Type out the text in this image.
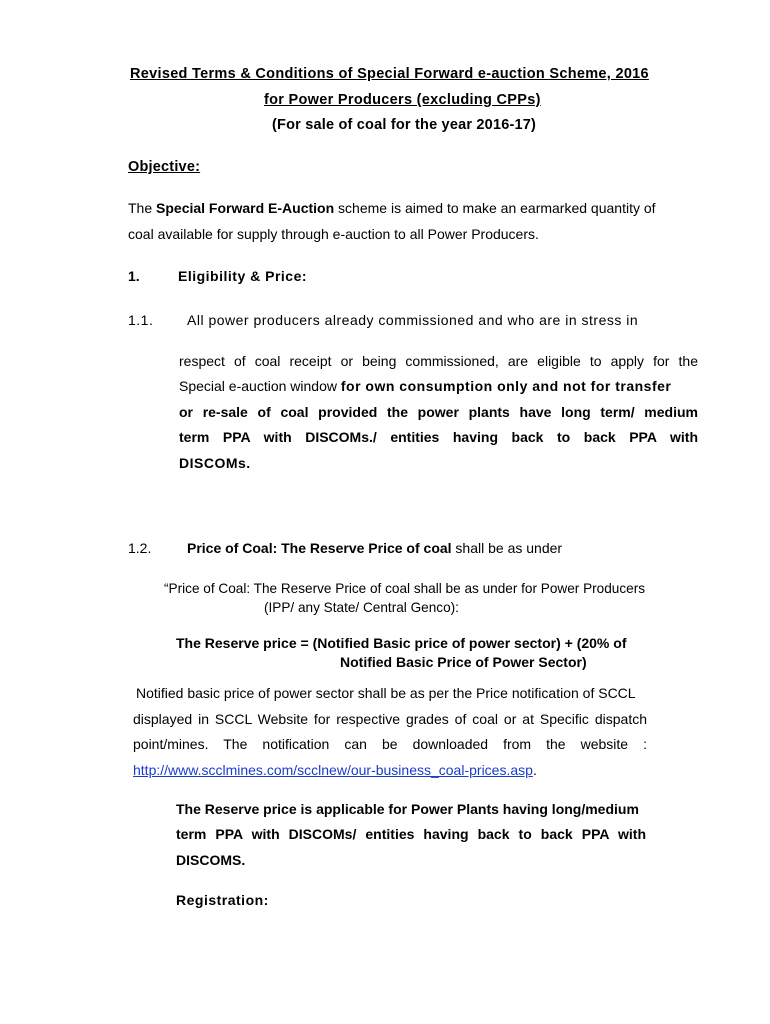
Revised Terms & Conditions of Special Forward e-auction Scheme, 2016
for Power Producers (excluding CPPs)
(For sale of coal for the year 2016-17)
Objective:
The Special Forward E-Auction scheme is aimed to make an earmarked quantity of
coal available for supply through e-auction to all Power Producers.
1.	Eligibility & Price:
1.1. All power producers already commissioned and who are in stress in
respect of coal receipt or being commissioned, are eligible to apply for the
Special e-auction window for own consumption only and not for transfer
or re-sale of coal provided the power plants have long term/ medium
term PPA with DISCOMs./ entities having back to back PPA with
DISCOMs.
1.2.	Price of Coal: The Reserve Price of coal shall be as under
“Price of Coal: The Reserve Price of coal shall be as under for Power Producers
(IPP/ any State/ Central Genco):
The Reserve price = (Notified Basic price of power sector) + (20% of
Notified Basic Price of Power Sector)
Notified basic price of power sector shall be as per the Price notification of SCCL
displayed in SCCL Website for respective grades of coal or at Specific dispatch
point/mines. The notification can be downloaded from the website :
http://www.scclmines.com/scclnew/our-business_coal-prices.asp.
The Reserve price is applicable for Power Plants having long/medium
term PPA with DISCOMs/ entities having back to back PPA with
DISCOMS.
Registration:
